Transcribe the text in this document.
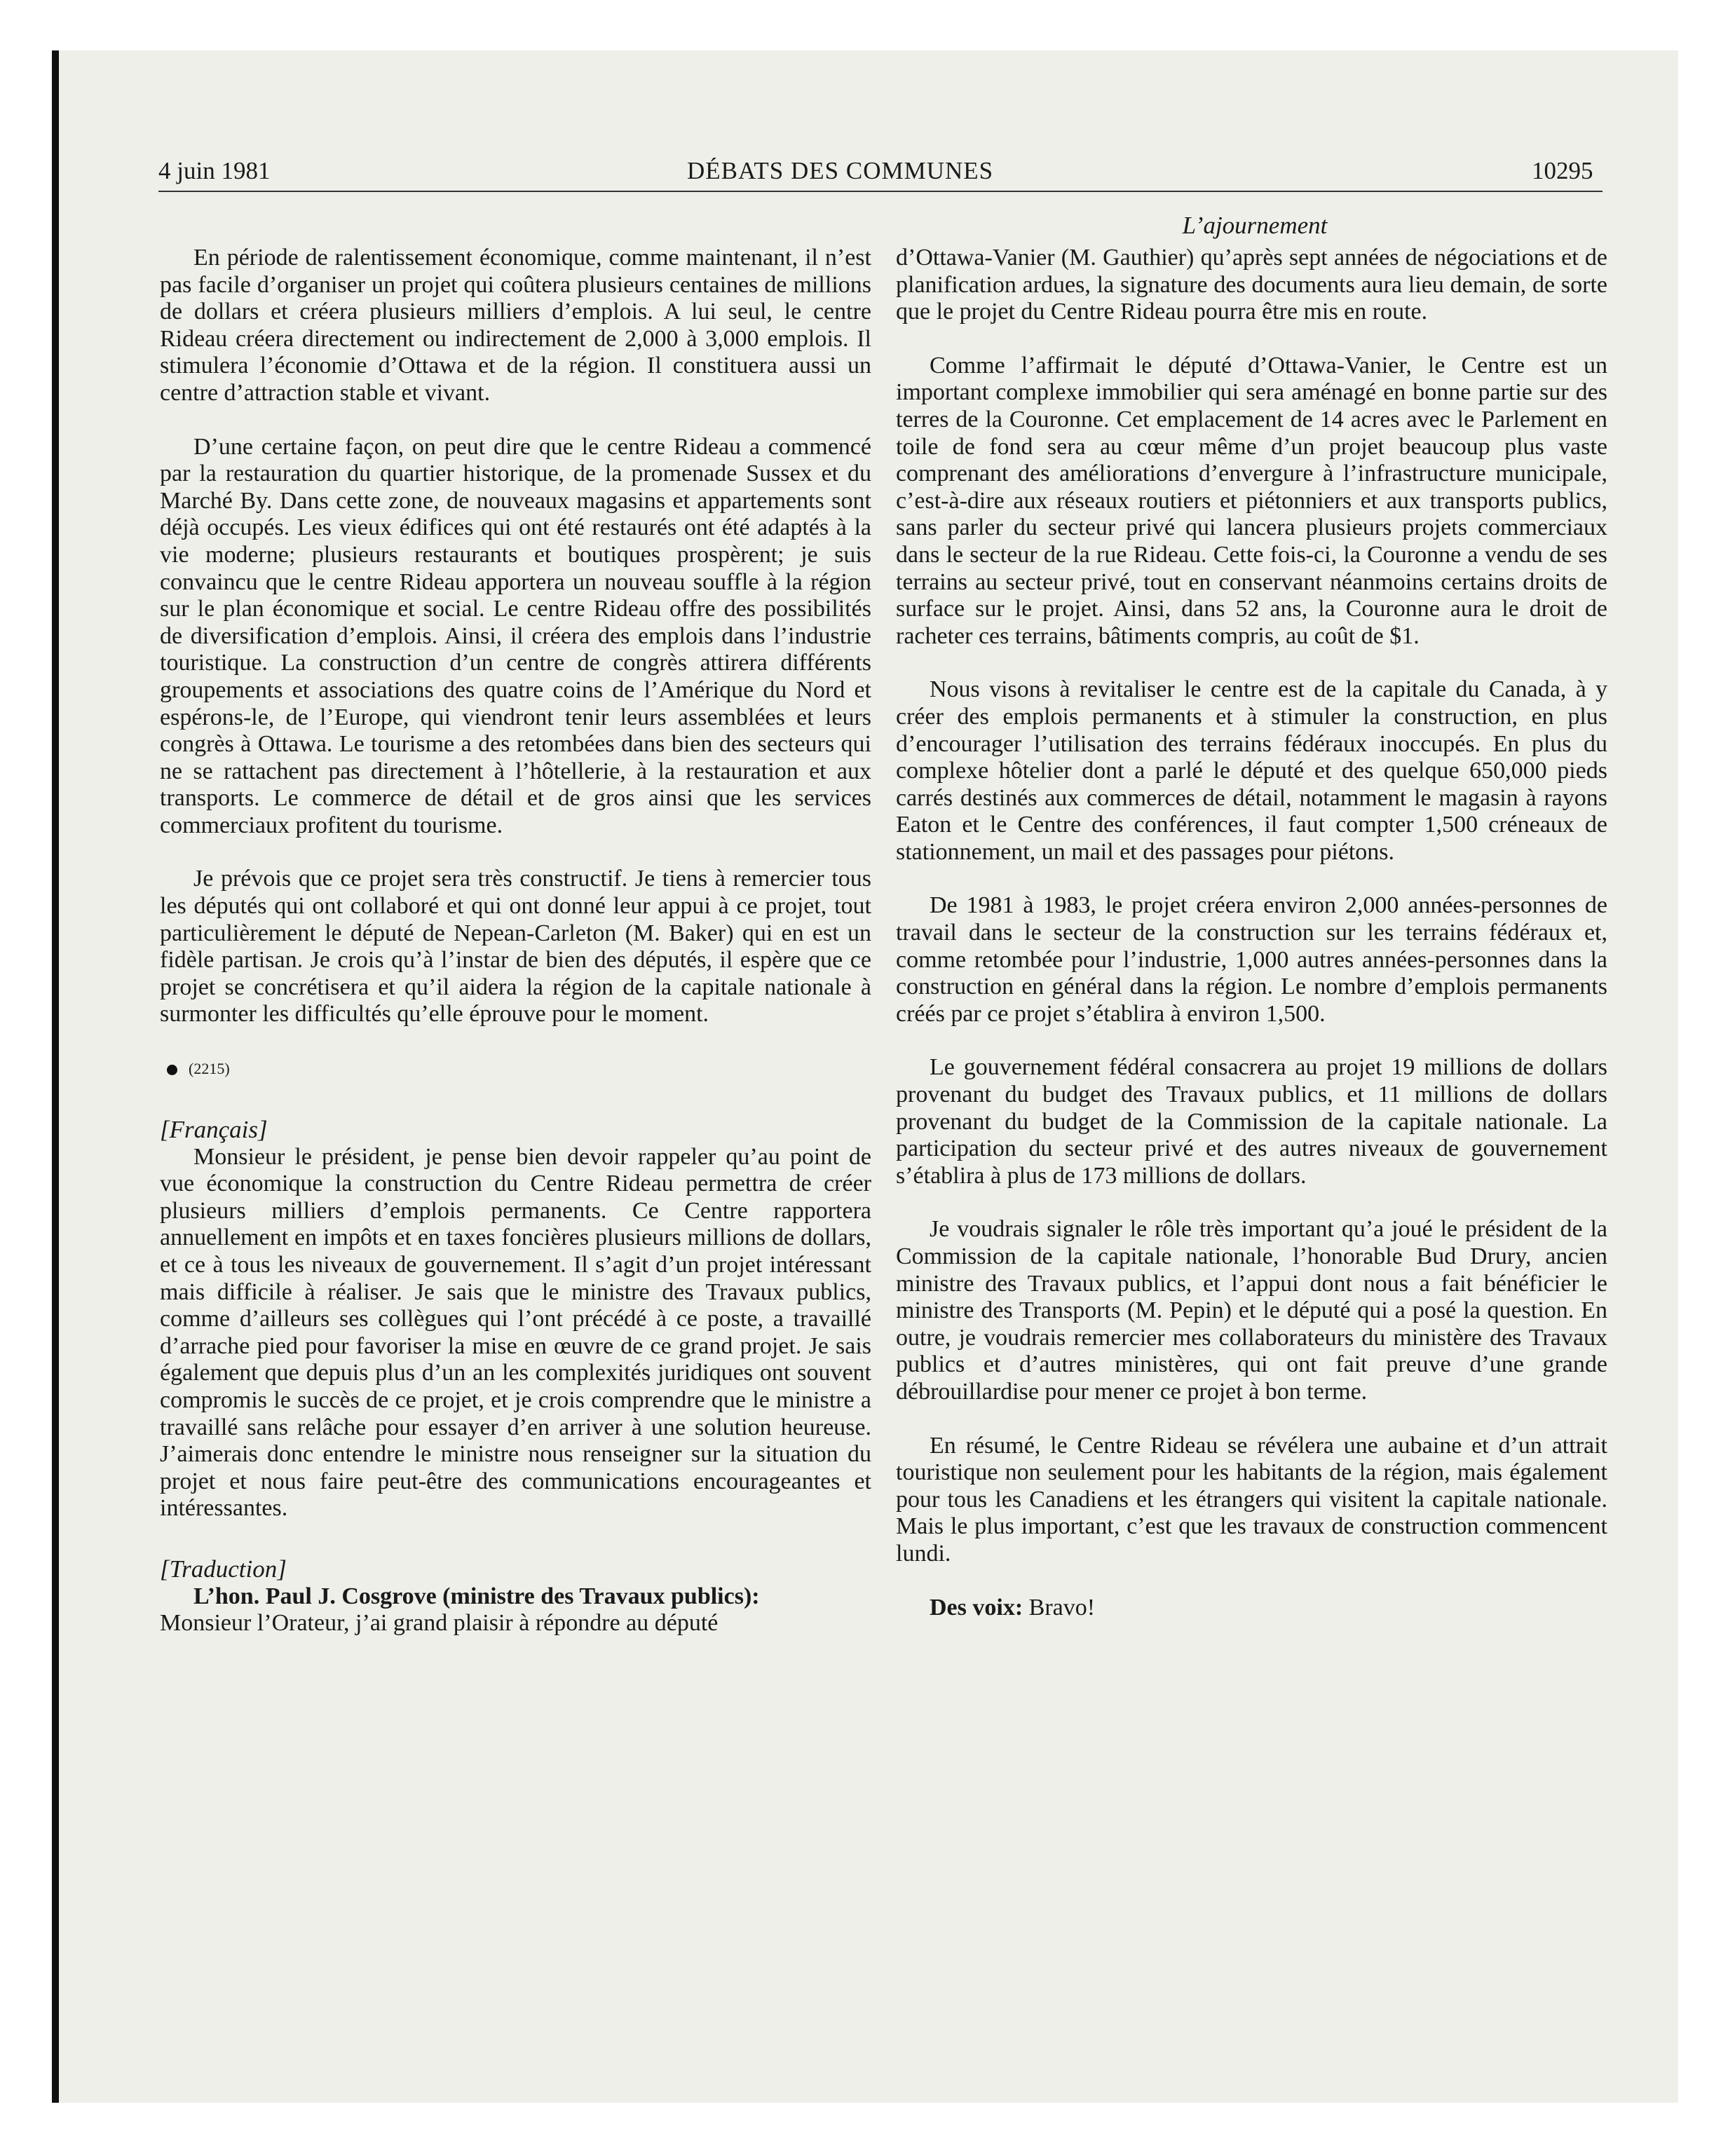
4 juin 1981	DÉBATS DES COMMUNES	10295
L’ajournement

En période de ralentissement économique, comme maintenant, il n’est pas facile d’organiser un projet qui coûtera plusieurs centaines de millions de dollars et créera plusieurs milliers d’emplois. A lui seul, le centre Rideau créera directement ou indirectement de 2,000 à 3,000 emplois. Il stimulera l’économie d’Ottawa et de la région. Il constituera aussi un centre d’attraction stable et vivant.

D’une certaine façon, on peut dire que le centre Rideau a commencé par la restauration du quartier historique, de la promenade Sussex et du Marché By. Dans cette zone, de nouveaux magasins et appartements sont déjà occupés. Les vieux édifices qui ont été restaurés ont été adaptés à la vie moderne; plusieurs restaurants et boutiques prospèrent; je suis convaincu que le centre Rideau apportera un nouveau souffle à la région sur le plan économique et social. Le centre Rideau offre des possibilités de diversification d’emplois. Ainsi, il créera des emplois dans l’industrie touristique. La construction d’un centre de congrès attirera différents groupements et associations des quatre coins de l’Amérique du Nord et espérons-le, de l’Europe, qui viendront tenir leurs assemblées et leurs congrès à Ottawa. Le tourisme a des retombées dans bien des secteurs qui ne se rattachent pas directement à l’hôtellerie, à la restauration et aux transports. Le commerce de détail et de gros ainsi que les services commerciaux profitent du tourisme.

Je prévois que ce projet sera très constructif. Je tiens à remercier tous les députés qui ont collaboré et qui ont donné leur appui à ce projet, tout particulièrement le député de Nepean-Carleton (M. Baker) qui en est un fidèle partisan. Je crois qu’à l’instar de bien des députés, il espère que ce projet se concrétisera et qu’il aidera la région de la capitale nationale à surmonter les difficultés qu’elle éprouve pour le moment.

(2215)
[Français]

Monsieur le président, je pense bien devoir rappeler qu’au point de vue économique la construction du Centre Rideau permettra de créer plusieurs milliers d’emplois permanents. Ce Centre rapportera annuellement en impôts et en taxes foncières plusieurs millions de dollars, et ce à tous les niveaux de gouvernement. Il s’agit d’un projet intéressant mais difficile à réaliser. Je sais que le ministre des Travaux publics, comme d’ailleurs ses collègues qui l’ont précédé à ce poste, a travaillé d’arrache pied pour favoriser la mise en œuvre de ce grand projet. Je sais également que depuis plus d’un an les complexités juridiques ont souvent compromis le succès de ce projet, et je crois comprendre que le ministre a travaillé sans relâche pour essayer d’en arriver à une solution heureuse. J’aimerais donc entendre le ministre nous renseigner sur la situation du projet et nous faire peut-être des communications encourageantes et intéressantes.

[Traduction]

L’hon. Paul J. Cosgrove (ministre des Travaux publics):

Monsieur l’Orateur, j’ai grand plaisir à répondre au député

d’Ottawa-Vanier (M. Gauthier) qu’après sept années de négociations et de planification ardues, la signature des documents aura lieu demain, de sorte que le projet du Centre Rideau pourra être mis en route.

Comme l’affirmait le député d’Ottawa-Vanier, le Centre est un important complexe immobilier qui sera aménagé en bonne partie sur des terres de la Couronne. Cet emplacement de 14 acres avec le Parlement en toile de fond sera au cœur même d’un projet beaucoup plus vaste comprenant des améliorations d’envergure à l’infrastructure municipale, c’est-à-dire aux réseaux routiers et piétonniers et aux transports publics, sans parler du secteur privé qui lancera plusieurs projets commerciaux dans le secteur de la rue Rideau. Cette fois-ci, la Couronne a vendu de ses terrains au secteur privé, tout en conservant néanmoins certains droits de surface sur le projet. Ainsi, dans 52 ans, la Couronne aura le droit de racheter ces terrains, bâtiments compris, au coût de $1.

Nous visons à revitaliser le centre est de la capitale du Canada, à y créer des emplois permanents et à stimuler la construction, en plus d’encourager l’utilisation des terrains fédéraux inoccupés. En plus du complexe hôtelier dont a parlé le député et des quelque 650,000 pieds carrés destinés aux commerces de détail, notamment le magasin à rayons Eaton et le Centre des conférences, il faut compter 1,500 créneaux de stationnement, un mail et des passages pour piétons.

De 1981 à 1983, le projet créera environ 2,000 années-personnes de travail dans le secteur de la construction sur les terrains fédéraux et, comme retombée pour l’industrie, 1,000 autres années-personnes dans la construction en général dans la région. Le nombre d’emplois permanents créés par ce projet s’établira à environ 1,500.

Le gouvernement fédéral consacrera au projet 19 millions de dollars provenant du budget des Travaux publics, et 11 millions de dollars provenant du budget de la Commission de la capitale nationale. La participation du secteur privé et des autres niveaux de gouvernement s’établira à plus de 173 millions de dollars.

Je voudrais signaler le rôle très important qu’a joué le président de la Commission de la capitale nationale, l’honorable Bud Drury, ancien ministre des Travaux publics, et l’appui dont nous a fait bénéficier le ministre des Transports (M. Pepin) et le député qui a posé la question. En outre, je voudrais remercier mes collaborateurs du ministère des Travaux publics et d’autres ministères, qui ont fait preuve d’une grande débrouillardise pour mener ce projet à bon terme.

En résumé, le Centre Rideau se révélera une aubaine et d’un attrait touristique non seulement pour les habitants de la région, mais également pour tous les Canadiens et les étrangers qui visitent la capitale nationale. Mais le plus important, c’est que les travaux de construction commencent lundi.

Des voix: Bravo!
